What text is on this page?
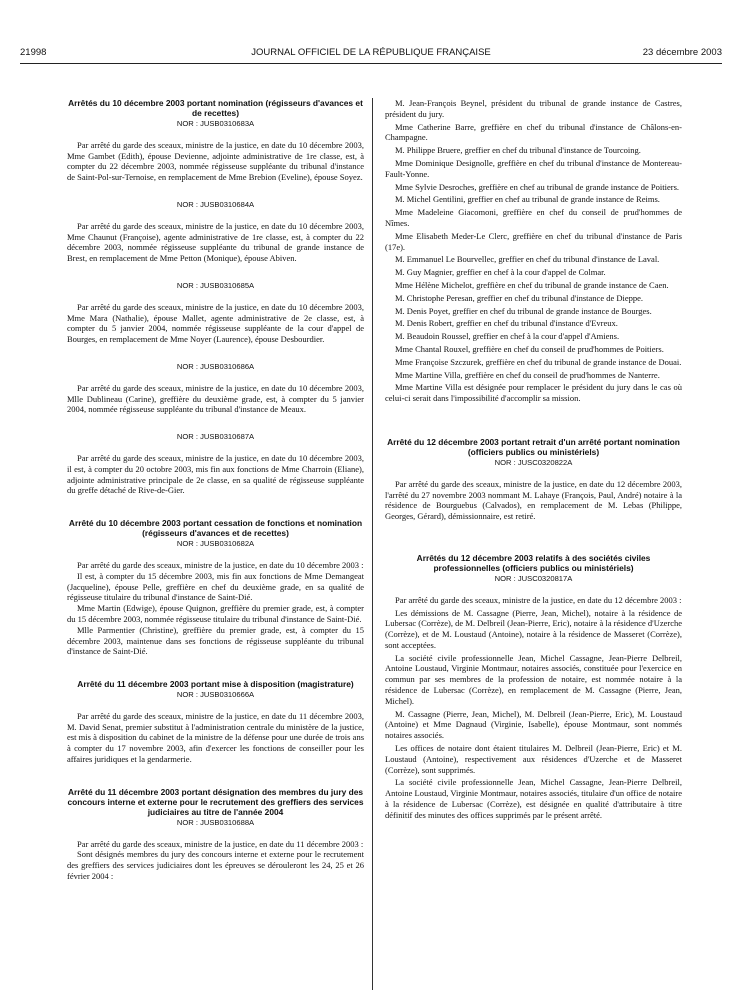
21998	JOURNAL OFFICIEL DE LA RÉPUBLIQUE FRANÇAISE	23 décembre 2003
Arrêtés du 10 décembre 2003 portant nomination (régisseurs d'avances et de recettes)
NOR : JUSB0310683A

Par arrêté du garde des sceaux, ministre de la justice, en date du 10 décembre 2003, Mme Gambet (Edith), épouse Devienne, adjointe administrative de 1re classe, est, à compter du 22 décembre 2003, nommée régisseuse suppléante du tribunal d'instance de Saint-Pol-sur-Ternoise, en remplacement de Mme Brebion (Eveline), épouse Soyez.

NOR : JUSB0310684A

Par arrêté du garde des sceaux, ministre de la justice, en date du 10 décembre 2003, Mme Chaunut (Françoise), agente administrative de 1re classe, est, à compter du 22 décembre 2003, nommée régisseuse suppléante du tribunal de grande instance de Brest, en remplacement de Mme Petton (Monique), épouse Abiven.

NOR : JUSB0310685A

Par arrêté du garde des sceaux, ministre de la justice, en date du 10 décembre 2003, Mme Mara (Nathalie), épouse Mallet, agente administrative de 2e classe, est, à compter du 5 janvier 2004, nommée régisseuse suppléante de la cour d'appel de Bourges, en remplacement de Mme Noyer (Laurence), épouse Desbourdier.

NOR : JUSB0310686A

Par arrêté du garde des sceaux, ministre de la justice, en date du 10 décembre 2003, Mlle Dublineau (Carine), greffière du deuxième grade, est, à compter du 5 janvier 2004, nommée régisseuse suppléante du tribunal d'instance de Meaux.

NOR : JUSB0310687A

Par arrêté du garde des sceaux, ministre de la justice, en date du 10 décembre 2003, il est, à compter du 20 octobre 2003, mis fin aux fonctions de Mme Charroin (Eliane), adjointe administrative principale de 2e classe, en sa qualité de régisseuse suppléante du greffe détaché de Rive-de-Gier.

Arrêté du 10 décembre 2003 portant cessation de fonctions et nomination (régisseurs d'avances et de recettes)
NOR : JUSB0310682A

Par arrêté du garde des sceaux, ministre de la justice, en date du 10 décembre 2003 :

Il est, à compter du 15 décembre 2003, mis fin aux fonctions de Mme Demangeat (Jacqueline), épouse Pelle, greffière en chef du deuxième grade, en sa qualité de régisseuse titulaire du tribunal d'instance de Saint-Dié.

Mme Martin (Edwige), épouse Quignon, greffière du premier grade, est, à compter du 15 décembre 2003, nommée régisseuse titulaire du tribunal d'instance de Saint-Dié.

Mlle Parmentier (Christine), greffière du premier grade, est, à compter du 15 décembre 2003, maintenue dans ses fonctions de régisseuse suppléante du tribunal d'instance de Saint-Dié.

Arrêté du 11 décembre 2003 portant mise à disposition (magistrature)
NOR : JUSB0310666A

Par arrêté du garde des sceaux, ministre de la justice, en date du 11 décembre 2003, M. David Senat, premier substitut à l'administration centrale du ministère de la justice, est mis à disposition du cabinet de la ministre de la défense pour une durée de trois ans à compter du 17 novembre 2003, afin d'exercer les fonctions de conseiller pour les affaires juridiques et la gendarmerie.

Arrêté du 11 décembre 2003 portant désignation des membres du jury des concours interne et externe pour le recrutement des greffiers des services judiciaires au titre de l'année 2004
NOR : JUSB0310688A

Par arrêté du garde des sceaux, ministre de la justice, en date du 11 décembre 2003 :

Sont désignés membres du jury des concours interne et externe pour le recrutement des greffiers des services judiciaires dont les épreuves se dérouleront les 24, 25 et 26 février 2004 :

M. Jean-François Beynel, président du tribunal de grande instance de Castres, président du jury.

Mme Catherine Barre, greffière en chef du tribunal d'instance de Châlons-en-Champagne.

M. Philippe Bruere, greffier en chef du tribunal d'instance de Tourcoing.

Mme Dominique Designolle, greffière en chef du tribunal d'instance de Montereau-Fault-Yonne.

Mme Sylvie Desroches, greffière en chef au tribunal de grande instance de Poitiers.

M. Michel Gentilini, greffier en chef au tribunal de grande instance de Reims.

Mme Madeleine Giacomoni, greffière en chef du conseil de prud'hommes de Nîmes.

Mme Elisabeth Meder-Le Clerc, greffière en chef du tribunal d'instance de Paris (17e).

M. Emmanuel Le Bourvellec, greffier en chef du tribunal d'instance de Laval.

M. Guy Magnier, greffier en chef à la cour d'appel de Colmar.

Mme Hélène Michelot, greffière en chef du tribunal de grande instance de Caen.

M. Christophe Peresan, greffier en chef du tribunal d'instance de Dieppe.

M. Denis Poyet, greffier en chef du tribunal de grande instance de Bourges.

M. Denis Robert, greffier en chef du tribunal d'instance d'Evreux.

M. Beaudoin Roussel, greffier en chef à la cour d'appel d'Amiens.

Mme Chantal Rouxel, greffière en chef du conseil de prud'hommes de Poitiers.

Mme Françoise Szczurek, greffière en chef du tribunal de grande instance de Douai.

Mme Martine Villa, greffière en chef du conseil de prud'hommes de Nanterre.

Mme Martine Villa est désignée pour remplacer le président du jury dans le cas où celui-ci serait dans l'impossibilité d'accomplir sa mission.

Arrêté du 12 décembre 2003 portant retrait d'un arrêté portant nomination (officiers publics ou ministériels)
NOR : JUSC0320822A

Par arrêté du garde des sceaux, ministre de la justice, en date du 12 décembre 2003, l'arrêté du 27 novembre 2003 nommant M. Lahaye (François, Paul, André) notaire à la résidence de Bourguebus (Calvados), en remplacement de M. Lebas (Philippe, Georges, Gérard), démissionnaire, est retiré.

Arrêtés du 12 décembre 2003 relatifs à des sociétés civiles professionnelles (officiers publics ou ministériels)
NOR : JUSC0320817A

Par arrêté du garde des sceaux, ministre de la justice, en date du 12 décembre 2003 :

Les démissions de M. Cassagne (Pierre, Jean, Michel), notaire à la résidence de Lubersac (Corrèze), de M. Delbreil (Jean-Pierre, Eric), notaire à la résidence d'Uzerche (Corrèze), et de M. Loustaud (Antoine), notaire à la résidence de Masseret (Corrèze), sont acceptées.

La société civile professionnelle Jean, Michel Cassagne, Jean-Pierre Delbreil, Antoine Loustaud, Virginie Montmaur, notaires associés, constituée pour l'exercice en commun par ses membres de la profession de notaire, est nommée notaire à la résidence de Lubersac (Corrèze), en remplacement de M. Cassagne (Pierre, Jean, Michel).

M. Cassagne (Pierre, Jean, Michel), M. Delbreil (Jean-Pierre, Eric), M. Loustaud (Antoine) et Mme Dagnaud (Virginie, Isabelle), épouse Montmaur, sont nommés notaires associés.

Les offices de notaire dont étaient titulaires M. Delbreil (Jean-Pierre, Eric) et M. Loustaud (Antoine), respectivement aux résidences d'Uzerche et de Masseret (Corrèze), sont supprimés.

La société civile professionnelle Jean, Michel Cassagne, Jean-Pierre Delbreil, Antoine Loustaud, Virginie Montmaur, notaires associés, titulaire d'un office de notaire à la résidence de Lubersac (Corrèze), est désignée en qualité d'attributaire à titre définitif des minutes des offices supprimés par le présent arrêté.
